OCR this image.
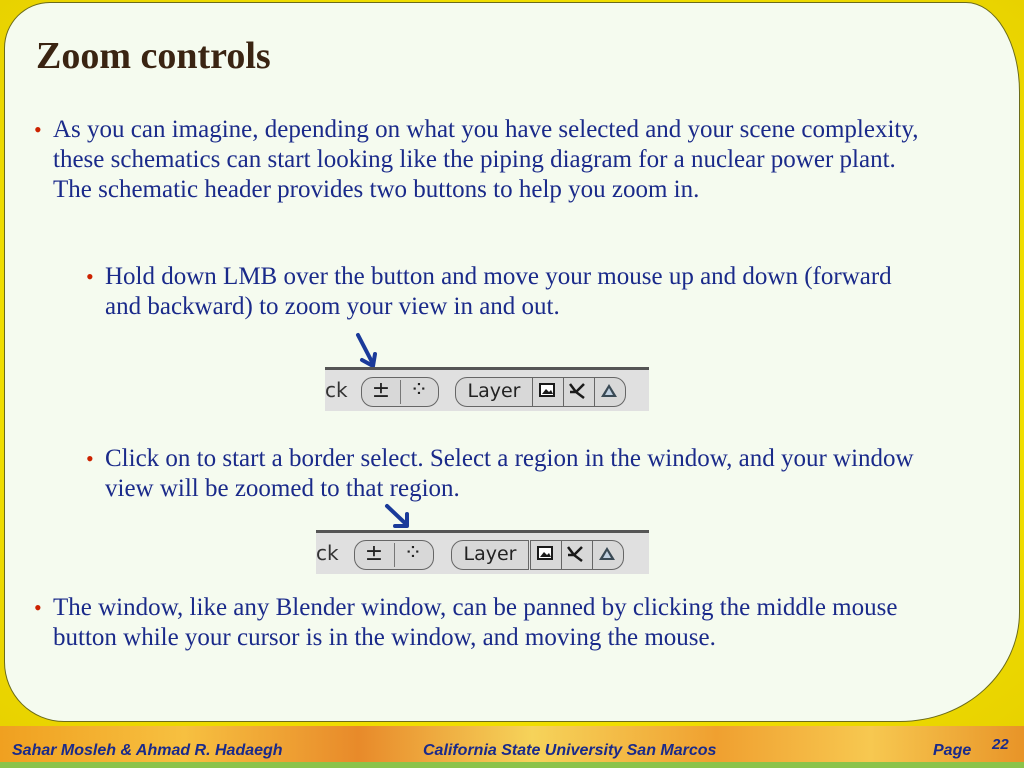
Zoom controls
• As you can imagine, depending on what you have selected and your scene complexity, these schematics can start looking like the piping diagram for a nuclear power plant. The schematic header provides two buttons to help you zoom in.
• Hold down LMB over the button and move your mouse up and down (forward and backward) to zoom your view in and out.
ck	± ⁘	Layer
• Click on to start a border select. Select a region in the window, and your window view will be zoomed to that region.
ck	± ⁘	Layer
• The window, like any Blender window, can be panned by clicking the middle mouse button while your cursor is in the window, and moving the mouse.
Sahar Mosleh & Ahmad R. Hadaegh	California State University San Marcos	Page 22
